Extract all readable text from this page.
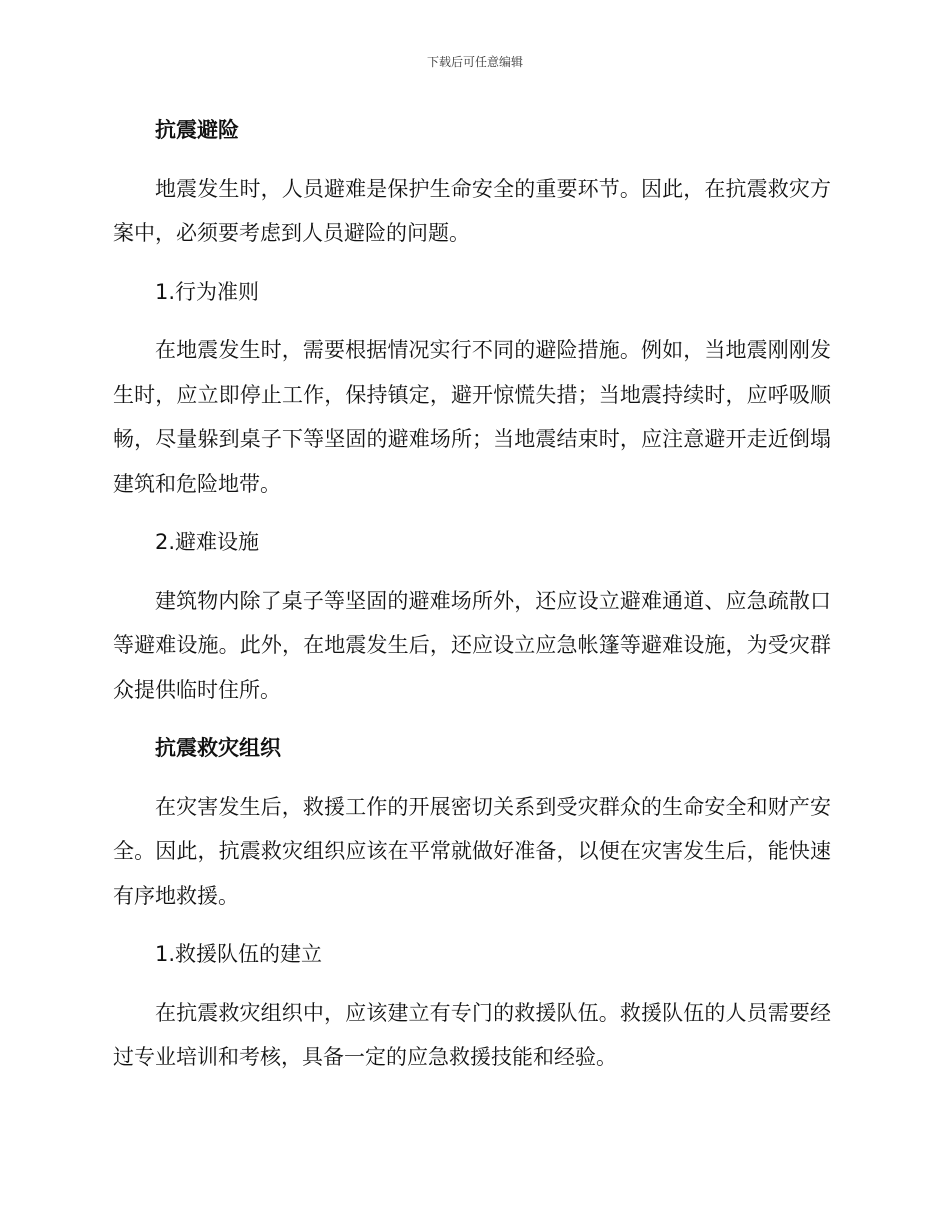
下载后可任意编辑

抗震避险

地震发生时，人员避难是保护生命安全的重要环节。因此，在抗震救灾方案中，必须要考虑到人员避险的问题。

1.行为准则

在地震发生时，需要根据情况实行不同的避险措施。例如，当地震刚刚发生时，应立即停止工作，保持镇定，避开惊慌失措；当地震持续时，应呼吸顺畅，尽量躲到桌子下等坚固的避难场所；当地震结束时，应注意避开走近倒塌建筑和危险地带。

2.避难设施

建筑物内除了桌子等坚固的避难场所外，还应设立避难通道、应急疏散口等避难设施。此外，在地震发生后，还应设立应急帐篷等避难设施，为受灾群众提供临时住所。

抗震救灾组织

在灾害发生后，救援工作的开展密切关系到受灾群众的生命安全和财产安全。因此，抗震救灾组织应该在平常就做好准备，以便在灾害发生后，能快速有序地救援。

1.救援队伍的建立

在抗震救灾组织中，应该建立有专门的救援队伍。救援队伍的人员需要经过专业培训和考核，具备一定的应急救援技能和经验。
